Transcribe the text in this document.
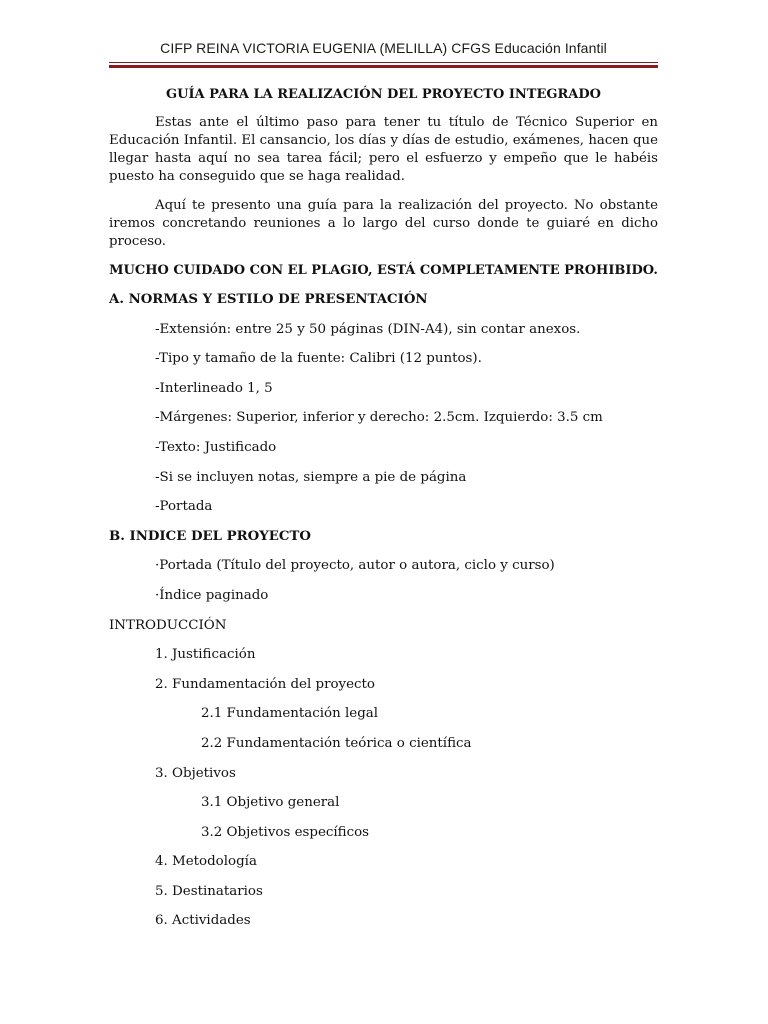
CIFP REINA VICTORIA EUGENIA (MELILLA) CFGS Educación Infantil

GUÍA PARA LA REALIZACIÓN DEL PROYECTO INTEGRADO

Estas ante el último paso para tener tu título de Técnico Superior en Educación Infantil. El cansancio, los días y días de estudio, exámenes, hacen que llegar hasta aquí no sea tarea fácil; pero el esfuerzo y empeño que le habéis puesto ha conseguido que se haga realidad.

Aquí te presento una guía para la realización del proyecto. No obstante iremos concretando reuniones a lo largo del curso donde te guiaré en dicho proceso.

MUCHO CUIDADO CON EL PLAGIO, ESTÁ COMPLETAMENTE PROHIBIDO.

A. NORMAS Y ESTILO DE PRESENTACIÓN

-Extensión: entre 25 y 50 páginas (DIN-A4), sin contar anexos.

-Tipo y tamaño de la fuente: Calibri (12 puntos).

-Interlineado 1, 5

-Márgenes: Superior, inferior y derecho: 2.5cm. Izquierdo: 3.5 cm

-Texto: Justificado

-Si se incluyen notas, siempre a pie de página

-Portada

B. INDICE DEL PROYECTO

·Portada (Título del proyecto, autor o autora, ciclo y curso)

·Índice paginado

INTRODUCCIÓN

1. Justificación

2. Fundamentación del proyecto

2.1 Fundamentación legal

2.2 Fundamentación teórica o científica

3. Objetivos

3.1 Objetivo general

3.2 Objetivos específicos

4. Metodología

5. Destinatarios

6. Actividades
